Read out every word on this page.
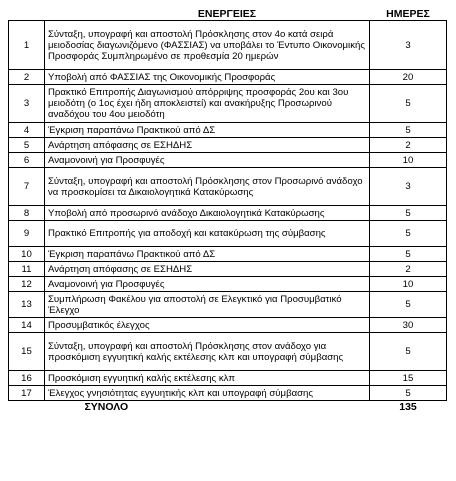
	ΕΝΕΡΓΕΙΕΣ	ΗΜΕΡΕΣ
1	Σύνταξη, υπογραφή και αποστολή Πρόσκλησης στον 4ο κατά σειρά μειοδοσίας διαγωνιζόμενο (ΦΑΣΣΙΑΣ) να υποβάλει το Έντυπο Οικονομικής Προσφοράς Συμπληρωμένο σε προθεσμία 20 ημερών	3
2	Υποβολή από ΦΑΣΣΙΑΣ της Οικονομικής Προσφοράς	20
3	Πρακτικό Επιτροπής Διαγωνισμού απόρριψης προσφοράς 2ου και 3ου μειοδότη (ο 1ος έχει ήδη αποκλειστεί) και ανακήρυξης Προσωρινού αναδόχου του 4ου μειοδότη	5
4	Έγκριση παραπάνω Πρακτικού από ΔΣ	5
5	Ανάρτηση απόφασης σε ΕΣΗΔΗΣ	2
6	Αναμονοινή για Προσφυγές	10
7	Σύνταξη, υπογραφή και αποστολή Πρόσκλησης στον Προσωρινό ανάδοχο να προσκομίσει τα Δικαιολογητικά Κατακύρωσης	3
8	Υποβολή από προσωρινό ανάδοχο Δικαιολογητικά Κατακύρωσης	5
9	Πρακτικό Επιτροπής για αποδοχή και κατακύρωση της σύμβασης	5
10	Έγκριση παραπάνω Πρακτικού από ΔΣ	5
11	Ανάρτηση απόφασης σε ΕΣΗΔΗΣ	2
12	Αναμονοινή για Προσφυγές	10
13	Συμπλήρωση Φακέλου για αποστολή σε Ελεγκτικό για Προσυμβατικό Έλεγχο	5
14	Προσυμβατικός έλεγχος	30
15	Σύνταξη, υπογραφή και αποστολή Πρόσκλησης στον ανάδοχο για προσκόμιση εγγυητική καλής εκτέλεσης κλπ και υπογραφή σύμβασης	5
16	Προσκόμιση εγγυητική καλής εκτέλεσης κλπ	15
17	Έλεγχος γνησιότητας εγγυητικής κλπ και υπογραφή σύμβασης	5
	ΣΥΝΟΛΟ	135
